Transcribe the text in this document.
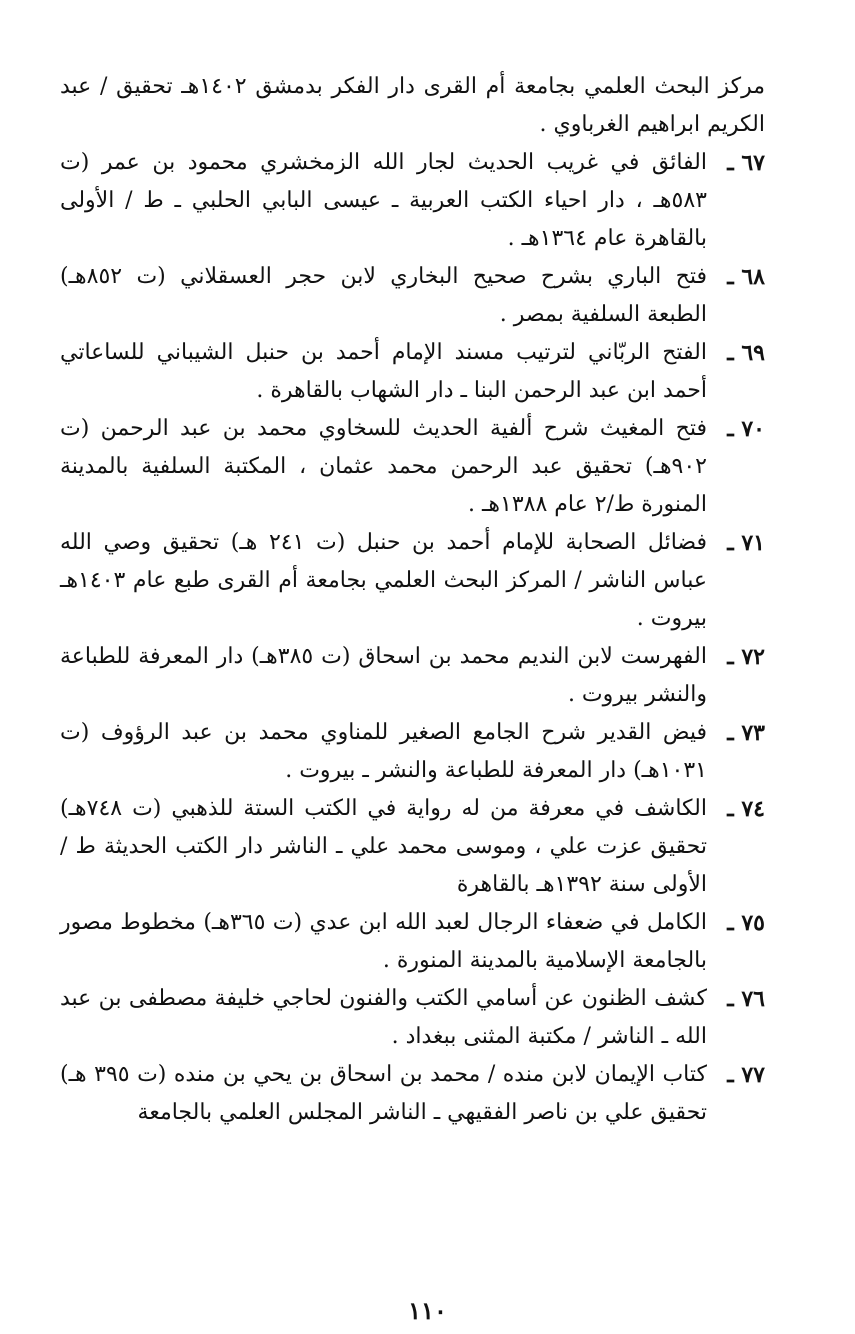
مركز البحث العلمي بجامعة أم القرى دار الفكر بدمشق ١٤٠٢هـ تحقيق / عبد الكريم ابراهيم الغرباوي .
٦٧ ـ
الفائق في غريب الحديث لجار الله الزمخشري محمود بن عمر (ت ٥٨٣هـ ، دار احياء الكتب العربية ـ عيسى البابي الحلبي ـ ط / الأولى بالقاهرة عام ١٣٦٤هـ .
٦٨ ـ
فتح الباري بشرح صحيح البخاري لابن حجر العسقلاني (ت ٨٥٢هـ) الطبعة السلفية بمصر .
٦٩ ـ
الفتح الربّاني لترتيب مسند الإمام أحمد بن حنبل الشيباني للساعاتي أحمد ابن عبد الرحمن البنا ـ دار الشهاب بالقاهرة .
٧٠ ـ
فتح المغيث شرح ألفية الحديث للسخاوي محمد بن عبد الرحمن (ت ٩٠٢هـ) تحقيق عبد الرحمن محمد عثمان ، المكتبة السلفية بالمدينة المنورة ط/٢ عام ١٣٨٨هـ .
٧١ ـ
فضائل الصحابة للإمام أحمد بن حنبل (ت ٢٤١ هـ) تحقيق وصي الله عباس الناشر / المركز البحث العلمي بجامعة أم القرى طبع عام ١٤٠٣هـ بيروت .
٧٢ ـ
الفهرست لابن النديم محمد بن اسحاق (ت ٣٨٥هـ) دار المعرفة للطباعة والنشر بيروت .
٧٣ ـ
فيض القدير شرح الجامع الصغير للمناوي محمد بن عبد الرؤوف (ت ١٠٣١هـ) دار المعرفة للطباعة والنشر ـ بيروت .
٧٤ ـ
الكاشف في معرفة من له رواية في الكتب الستة للذهبي (ت ٧٤٨هـ) تحقيق عزت علي ، وموسى محمد علي ـ الناشر دار الكتب الحديثة ط / الأولى سنة ١٣٩٢هـ بالقاهرة
٧٥ ـ
الكامل في ضعفاء الرجال لعبد الله ابن عدي (ت ٣٦٥هـ) مخطوط مصور بالجامعة الإسلامية بالمدينة المنورة .
٧٦ ـ
كشف الظنون عن أسامي الكتب والفنون لحاجي خليفة مصطفى بن عبد الله ـ الناشر / مكتبة المثنى ببغداد .
٧٧ ـ
كتاب الإيمان لابن منده / محمد بن اسحاق بن يحي بن منده (ت ٣٩٥ هـ) تحقيق علي بن ناصر الفقيهي ـ الناشر المجلس العلمي بالجامعة
١١٠
